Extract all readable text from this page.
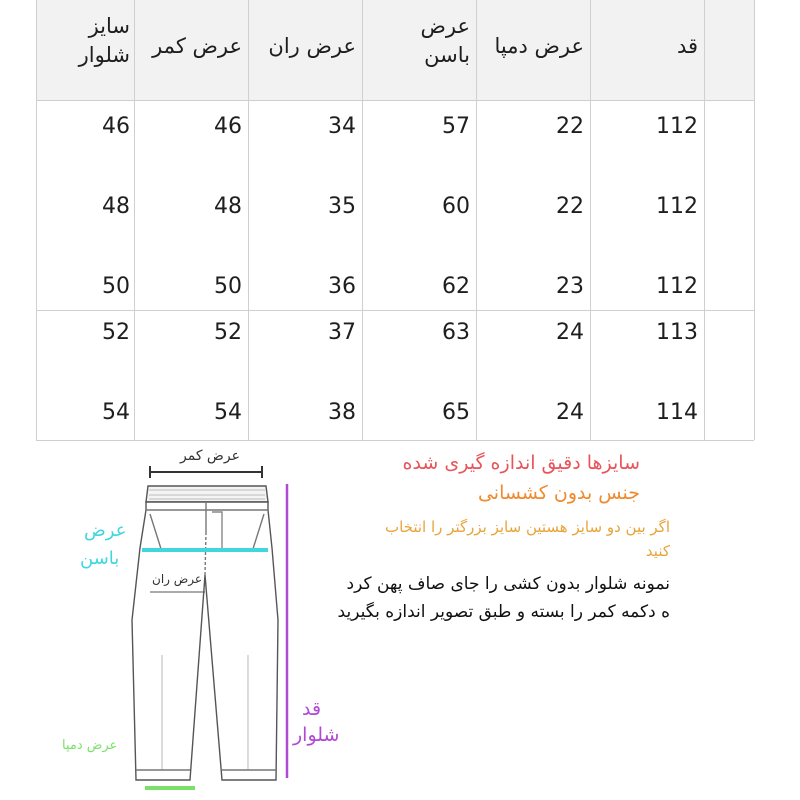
قد
عرض دمپا
عرض
باسن
عرض ران
عرض کمر
سایز
شلوار
112
22
57
34
46
46
112
22
60
35
48
48
112
23
62
36
50
50
113
24
63
37
52
52
114
24
65
38
54
54
عرض کمر
عرض
باسن
عرض ران
قد
شلوار
عرض دمپا
سایزها دقیق اندازه گیری شده
جنس بدون کشسانی
اگر بین دو سایز هستین سایز بزرگتر را انتخاب
کنید
نمونه شلوار بدون کشی را جای صاف پهن کرد
ه دکمه کمر را بسته و طبق تصویر اندازه بگیرید
